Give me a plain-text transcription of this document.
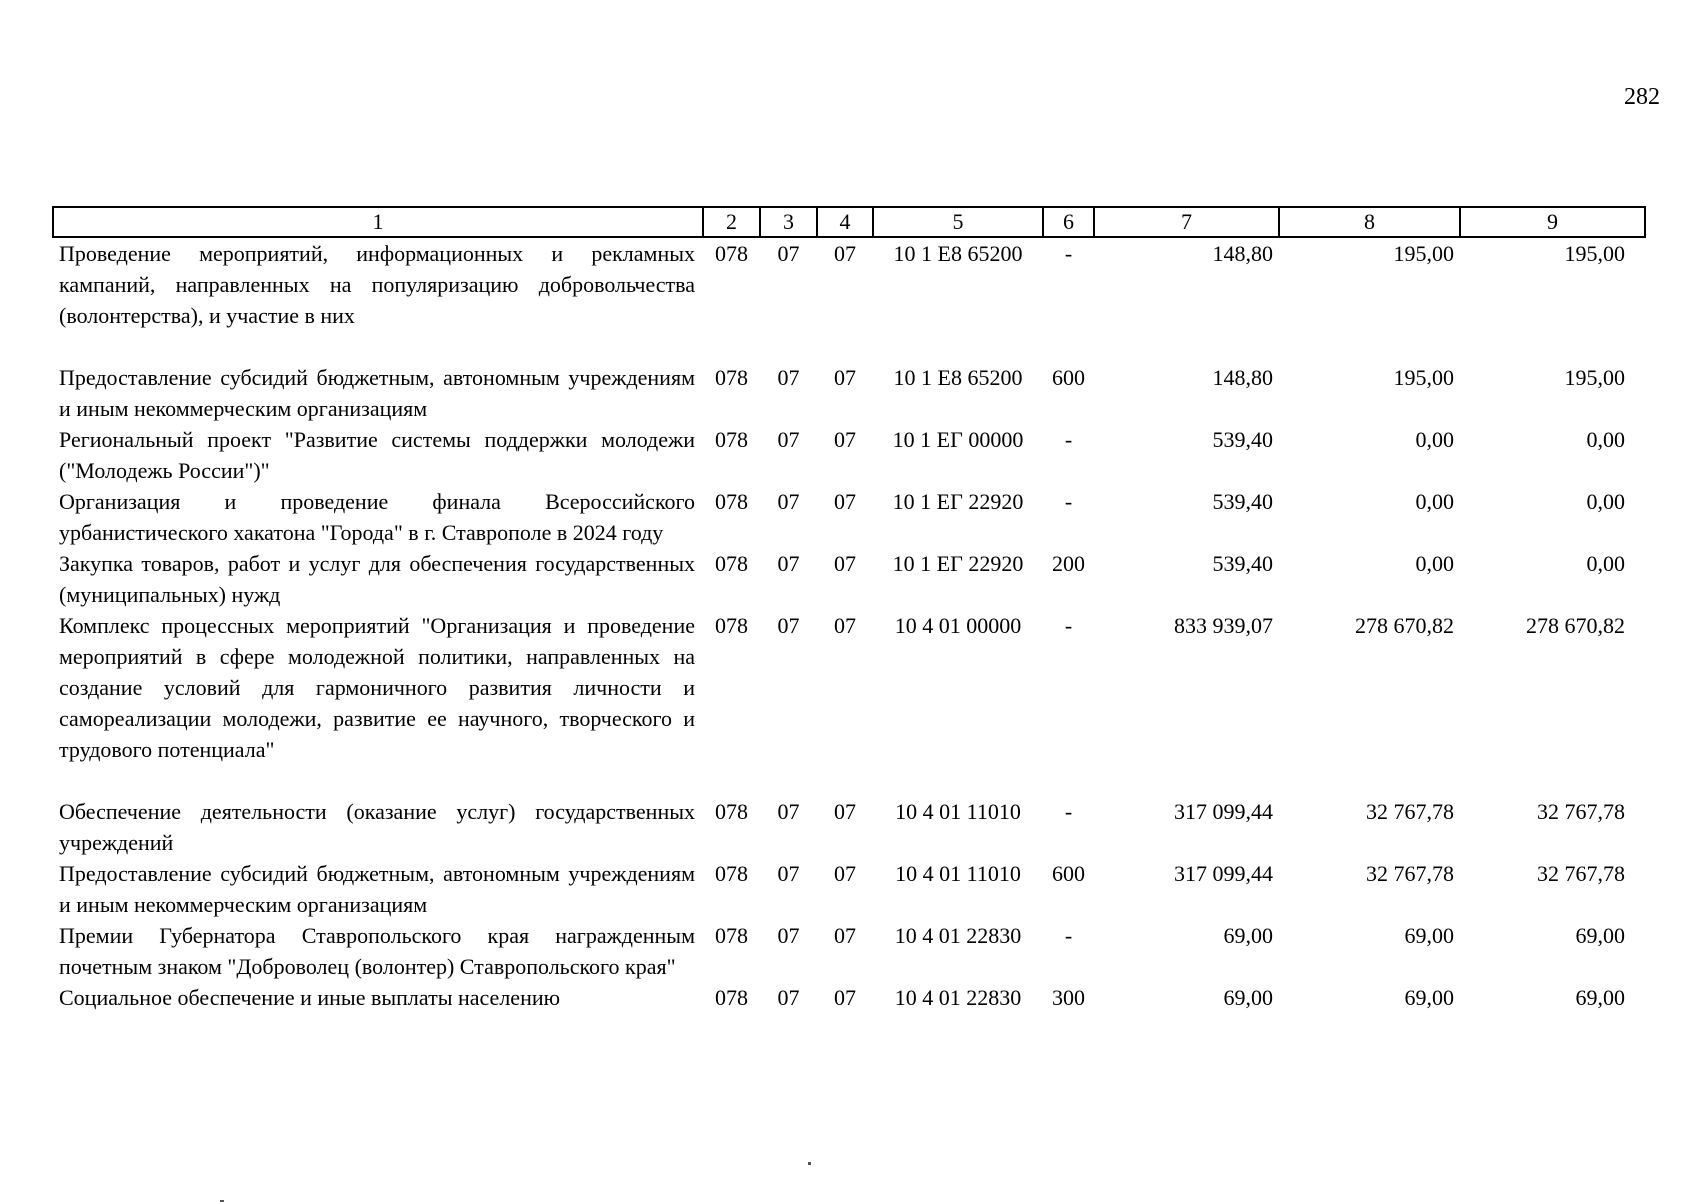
282
1	2	3	4	5	6	7	8	9
Проведение мероприятий, информационных и рекламных кампаний, направленных на популяризацию добровольчества (волонтерства), и участие в них	078	07	07	10 1 E8 65200	-	148,80	195,00	195,00
Предоставление субсидий бюджетным, автономным учреждениям и иным некоммерческим организациям	078	07	07	10 1 E8 65200	600	148,80	195,00	195,00
Региональный проект "Развитие системы поддержки молодежи ("Молодежь России")"	078	07	07	10 1 ЕГ 00000	-	539,40	0,00	0,00
Организация и проведение финала Всероссийского урбанистического хакатона "Города" в г. Ставрополе в 2024 году	078	07	07	10 1 ЕГ 22920	-	539,40	0,00	0,00
Закупка товаров, работ и услуг для обеспечения государственных (муниципальных) нужд	078	07	07	10 1 ЕГ 22920	200	539,40	0,00	0,00
Комплекс процессных мероприятий "Организация и проведение мероприятий в сфере молодежной политики, направленных на создание условий для гармоничного развития личности и самореализации молодежи, развитие ее научного, творческого и трудового потенциала"	078	07	07	10 4 01 00000	-	833 939,07	278 670,82	278 670,82
Обеспечение деятельности (оказание услуг) государственных учреждений	078	07	07	10 4 01 11010	-	317 099,44	32 767,78	32 767,78
Предоставление субсидий бюджетным, автономным учреждениям и иным некоммерческим организациям	078	07	07	10 4 01 11010	600	317 099,44	32 767,78	32 767,78
Премии Губернатора Ставропольского края награжденным почетным знаком "Доброволец (волонтер) Ставропольского края"	078	07	07	10 4 01 22830	-	69,00	69,00	69,00
Социальное обеспечение и иные выплаты населению	078	07	07	10 4 01 22830	300	69,00	69,00	69,00
